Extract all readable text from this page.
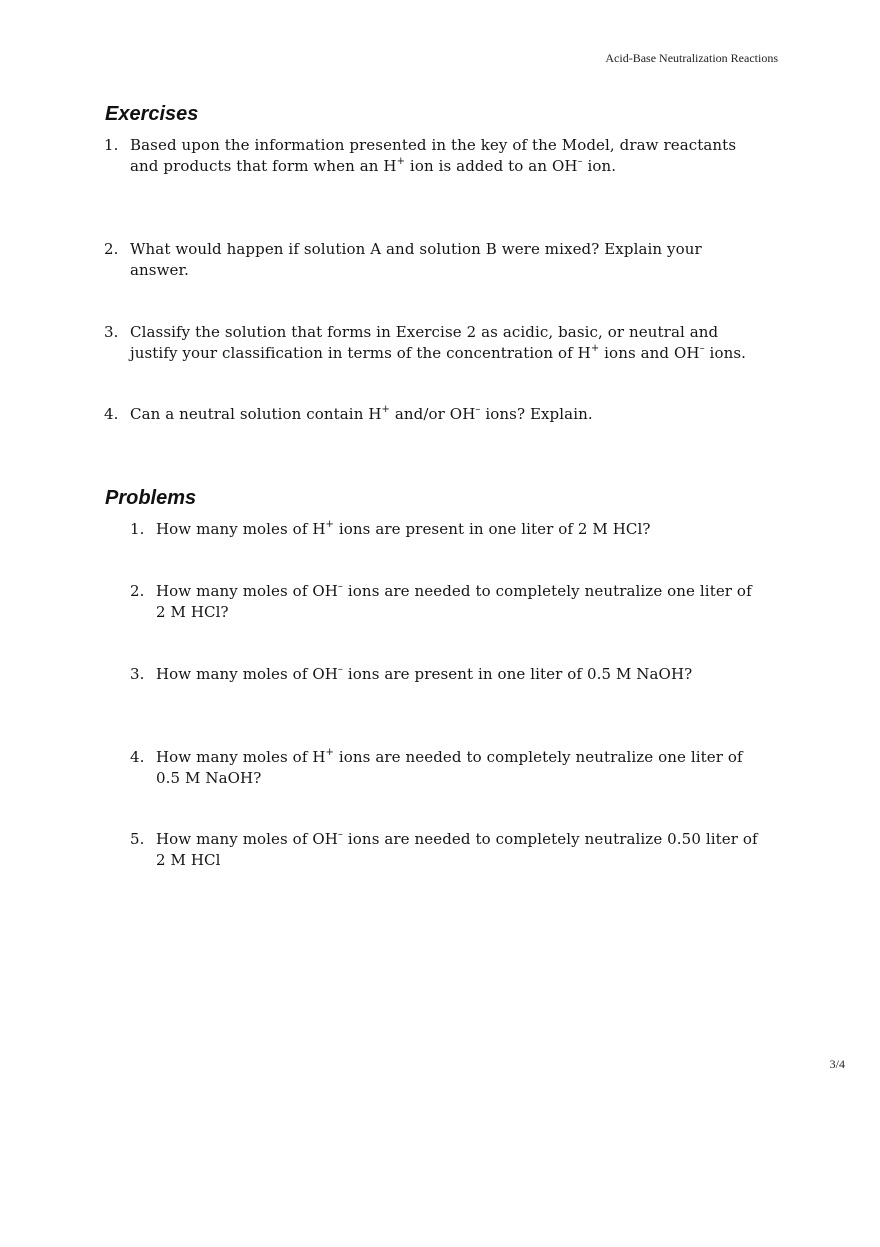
Acid-Base Neutralization Reactions
Exercises
1. Based upon the information presented in the key of the Model, draw reactants
and products that form when an H+ ion is added to an OH– ion.
2. What would happen if solution A and solution B were mixed? Explain your
answer.
3. Classify the solution that forms in Exercise 2 as acidic, basic, or neutral and
justify your classification in terms of the concentration of H+ ions and OH– ions.
4. Can a neutral solution contain H+ and/or OH– ions? Explain.
Problems
1. How many moles of H+ ions are present in one liter of 2 M HCl?
2. How many moles of OH– ions are needed to completely neutralize one liter of
2 M HCl?
3. How many moles of OH– ions are present in one liter of 0.5 M NaOH?
4. How many moles of H+ ions are needed to completely neutralize one liter of
0.5 M NaOH?
5. How many moles of OH– ions are needed to completely neutralize 0.50 liter of
2 M HCl
3/4
